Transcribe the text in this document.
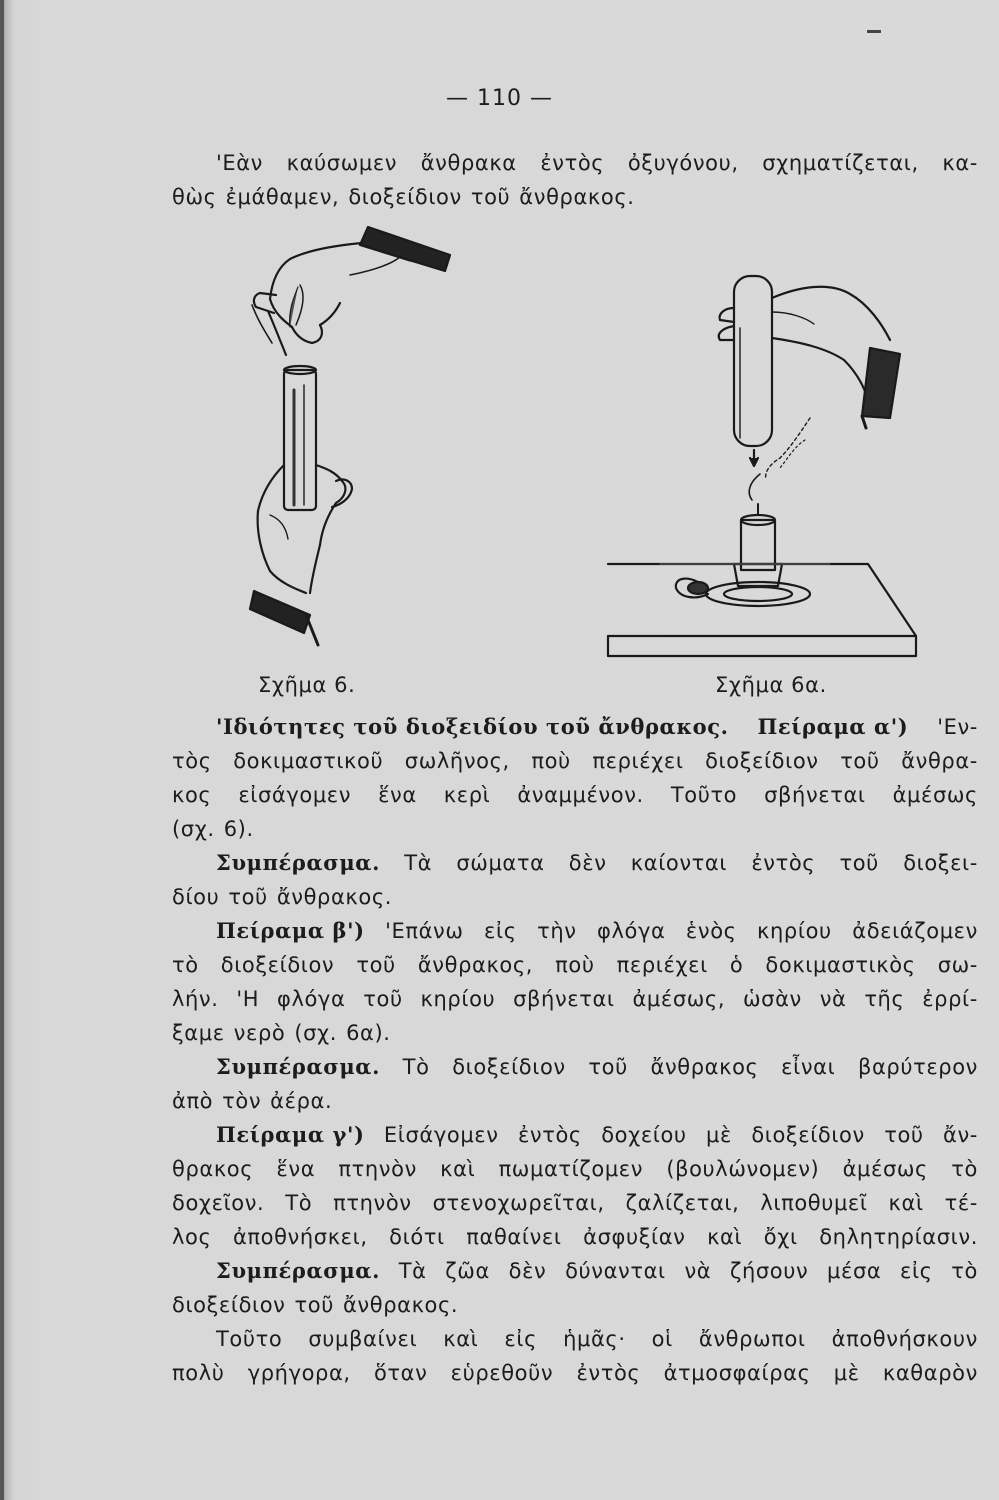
— 110 —
'Εὰν καύσωμεν ἄνθρακα ἐντὸς ὀξυγόνου, σχηματίζεται, κα-
θὼς ἐμάθαμεν, διοξείδιον τοῦ ἄνθρακος.
Σχῆμα 6.	Σχῆμα 6α.
'Ιδιότητες τοῦ διοξειδίου τοῦ ἄνθρακος. Πείραμα α') 'Εν-
τὸς δοκιμαστικοῦ σωλῆνος, ποὺ περιέχει διοξείδιον τοῦ ἄνθρα-
κος εἰσάγομεν ἕνα κερὶ ἀναμμένον. Τοῦτο σβήνεται ἀμέσως
(σχ. 6).
Συμπέρασμα. Τὰ σώματα δὲν καίονται ἐντὸς τοῦ διοξει-
δίου τοῦ ἄνθρακος.
Πείραμα β') 'Επάνω εἰς τὴν φλόγα ἑνὸς κηρίου ἀδειάζομεν
τὸ διοξείδιον τοῦ ἄνθρακος, ποὺ περιέχει ὁ δοκιμαστικὸς σω-
λήν. 'Η φλόγα τοῦ κηρίου σβήνεται ἀμέσως, ὡσὰν νὰ τῆς ἐρρί-
ξαμε νερὸ (σχ. 6α).
Συμπέρασμα. Τὸ διοξείδιον τοῦ ἄνθρακος εἶναι βαρύτερον
ἀπὸ τὸν ἀέρα.
Πείραμα γ') Εἰσάγομεν ἐντὸς δοχείου μὲ διοξείδιον τοῦ ἄν-
θρακος ἕνα πτηνὸν καὶ πωματίζομεν (βουλώνομεν) ἀμέσως τὸ
δοχεῖον. Τὸ πτηνὸν στενοχωρεῖται, ζαλίζεται, λιποθυμεῖ καὶ τέ-
λος ἀποθνήσκει, διότι παθαίνει ἀσφυξίαν καὶ ὄχι δηλητηρίασιν.
Συμπέρασμα. Τὰ ζῶα δὲν δύνανται νὰ ζήσουν μέσα εἰς τὸ
διοξείδιον τοῦ ἄνθρακος.
Τοῦτο συμβαίνει καὶ εἰς ἡμᾶς· οἱ ἄνθρωποι ἀποθνήσκουν
πολὺ γρήγορα, ὅταν εὑρεθοῦν ἐντὸς ἀτμοσφαίρας μὲ καθαρὸν
